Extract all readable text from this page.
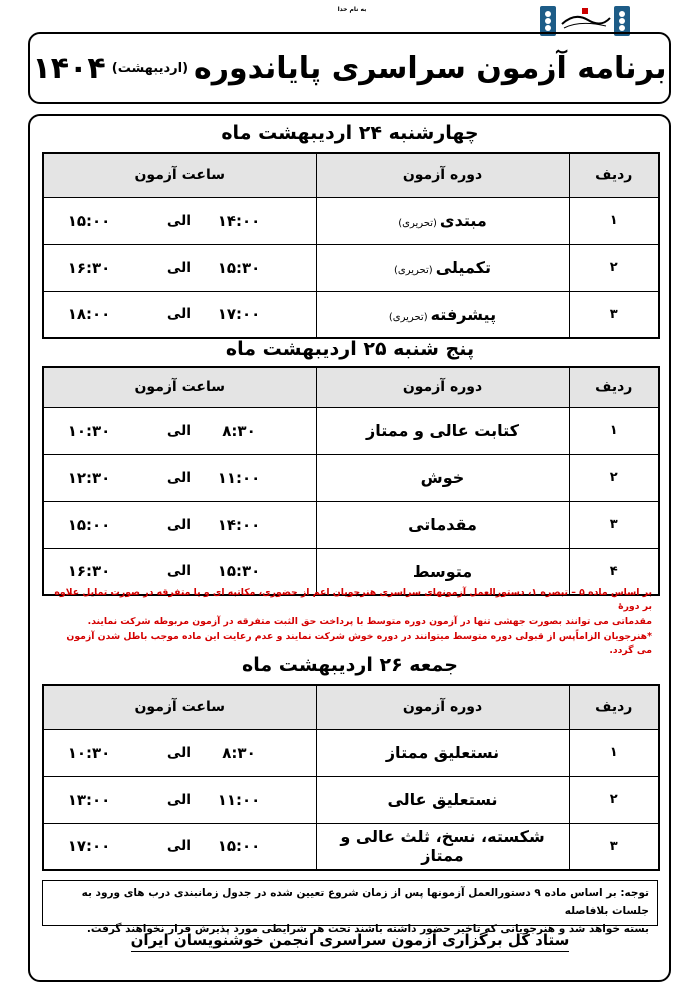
به نام خدا
برنامه آزمون سراسری پایاندوره
(اردیبهشت)
۱۴۰۴
چهارشنبه ۲۴ اردیبهشت ماه
ردیف	دوره آزمون	ساعت آزمون
۱	مبتدی(تحریری)	۱۴:۰۰
الی
۱۵:۰۰

۲	تکمیلی(تحریری)	۱۵:۳۰
الی
۱۶:۳۰

۳	پیشرفته(تحریری)	۱۷:۰۰
الی
۱۸:۰۰
پنج شنبه ۲۵ اردیبهشت ماه
ردیف	دوره آزمون	ساعت آزمون
۱	کتابت عالی و ممتاز	۸:۳۰
الی
۱۰:۳۰

۲	خوش	۱۱:۰۰
الی
۱۲:۳۰

۳	مقدماتی	۱۴:۰۰
الی
۱۵:۰۰

۴	متوسط	۱۵:۳۰
الی
۱۶:۳۰

بر اساس ماده ۵ – تبصره ۱، دستورالعمل آزمونهای سراسری هنرجویان اعم از حضوری، مکاتبه ای و یا متفرقه در صورت تمایل علاوه بر دورهٔ

مقدماتی می توانند بصورت جهشی تنها در آزمون دوره متوسط با پرداخت حق الثبت متفرقه در آزمون مربوطه شرکت نمایند.

*هنرجویان الزاماًپس از قبولی دوره متوسط میتوانند در دوره خوش شرکت نمایند و عدم رعایت این ماده موجب باطل شدن آزمون می گردد.

جمعه ۲۶ اردیبهشت ماه
ردیف	دوره آزمون	ساعت آزمون
۱	نستعلیق ممتاز	۸:۳۰
الی
۱۰:۳۰

۲	نستعلیق عالی	۱۱:۰۰
الی
۱۳:۰۰

۳	شکسته، نسخ، ثلث عالی و ممتاز	۱۵:۰۰
الی
۱۷:۰۰
توجه: بر اساس ماده ۹ دستورالعمل آزمونها پس از زمان شروع تعیین شده در جدول زمانبندی درب های ورود به جلسات بلافاصله
بسته خواهد شد و هنرجویانی که تاخیر حضور داشته باشند تحت هر شرایطی مورد پذیرش قرار نخواهند گرفت.
ستاد کل برگزاری آزمون سراسری انجمن خوشنویسان ایران
